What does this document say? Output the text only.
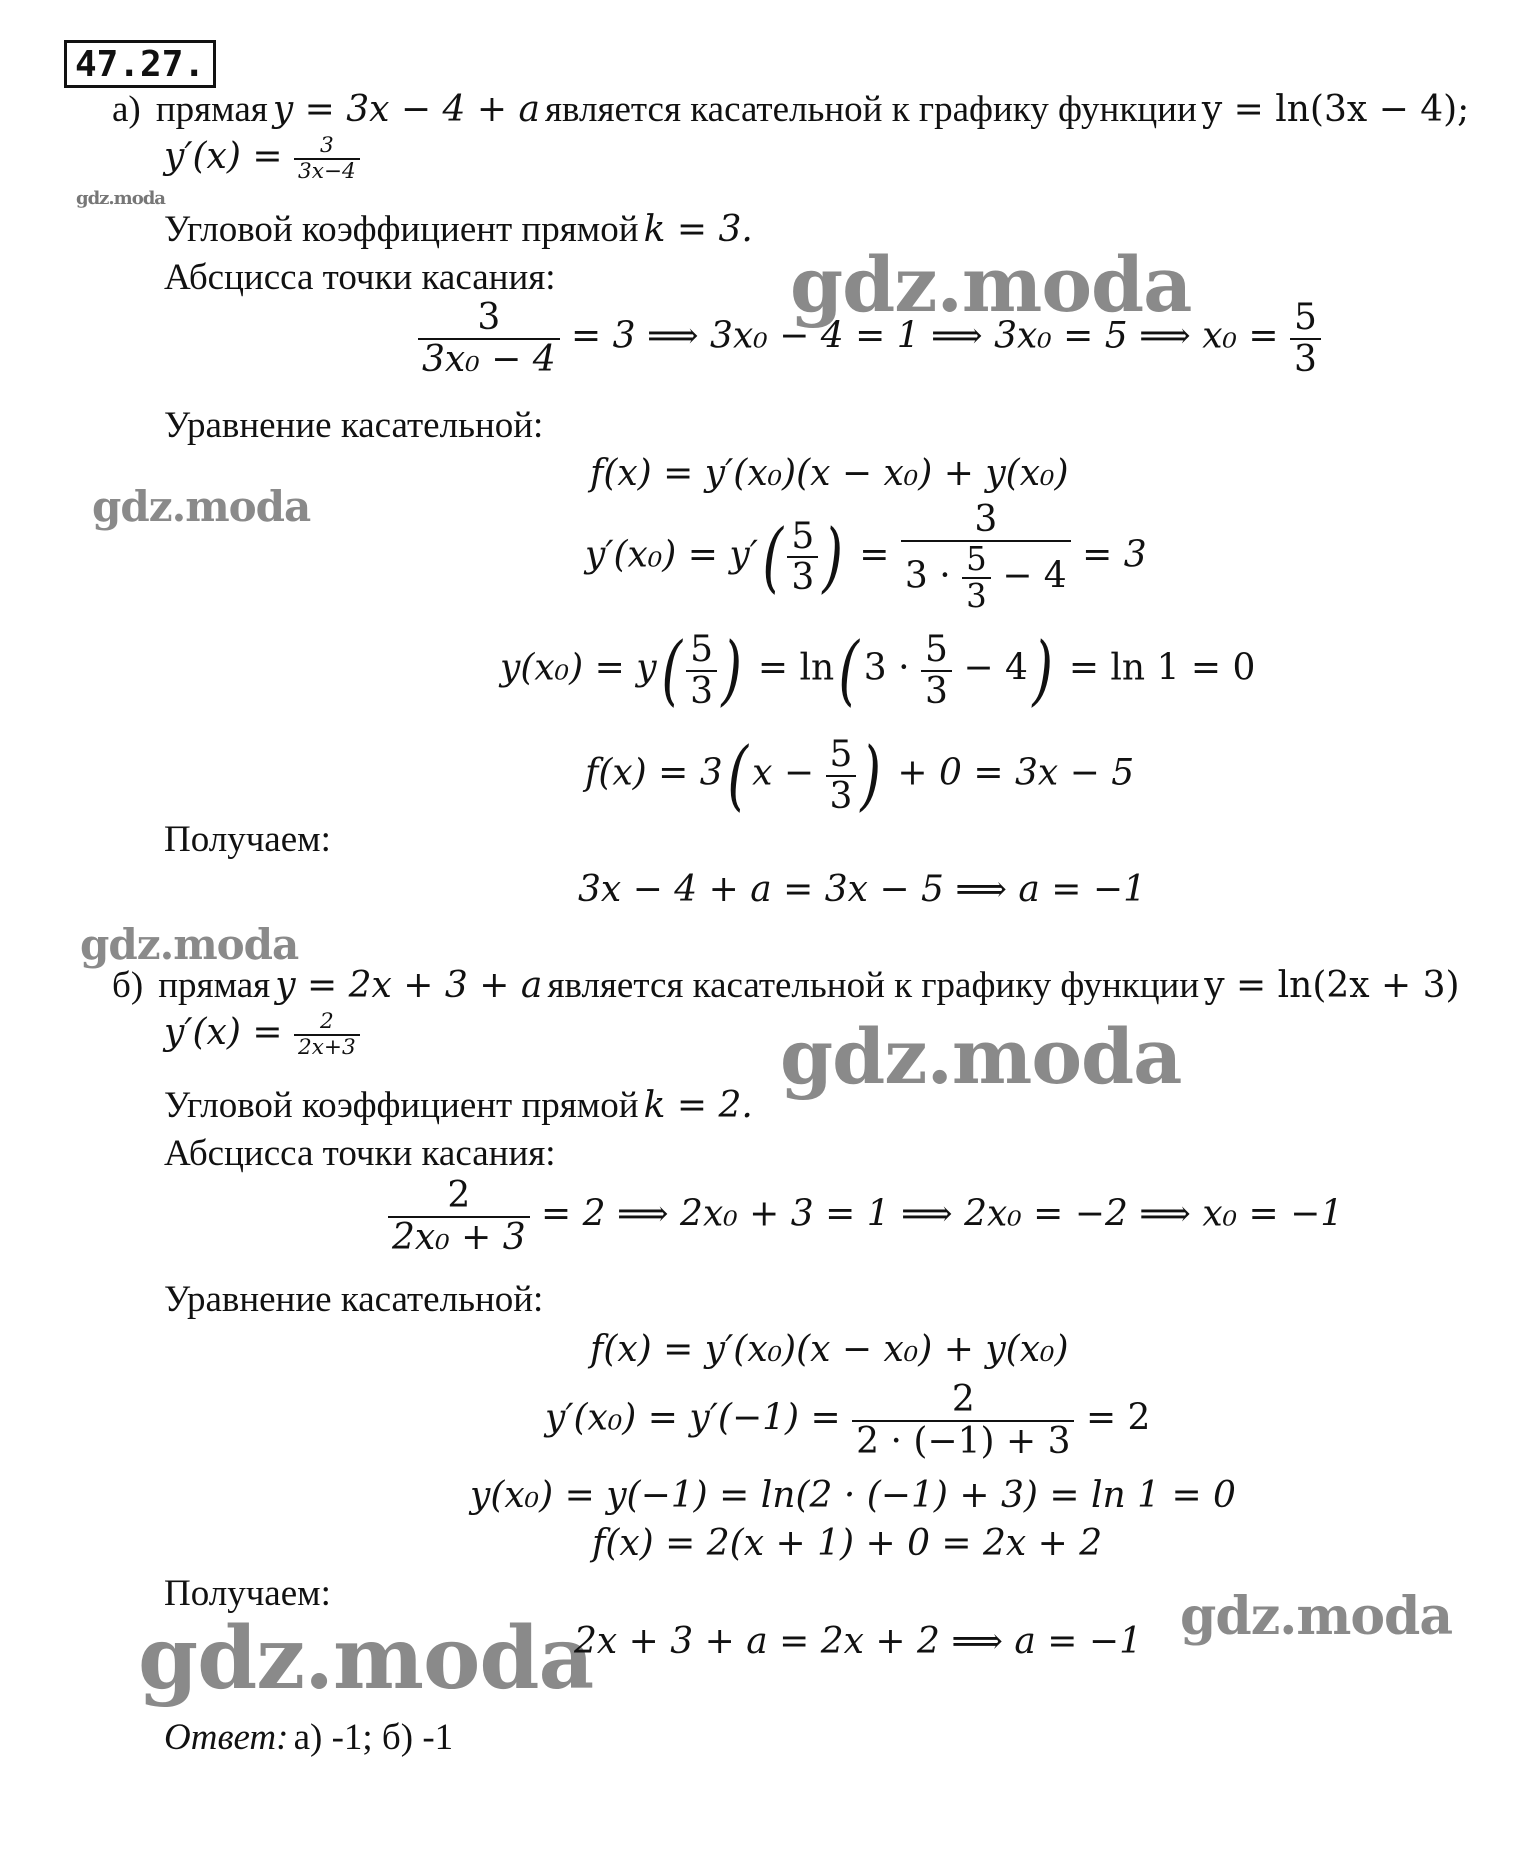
47.27.
gdz.moda
gdz.moda
gdz.moda
gdz.moda
gdz.moda
gdz.moda
gdz.moda
а) прямая y = 3x − 4 + a является касательной к графику функции y = ln(3x − 4);
$y'(x) = \frac{3}{3x-4}$
Угловой коэффициент прямой k = 3.
Абсцисса точки касания:
$\frac{3}{\text{3x₀ − 4}} = 3$ ⟹ 3x₀ − 4 = 1 ⟹ 3x₀ = 5 ⟹ $x_0 = \frac{5}{3}$
Уравнение касательной:
f(x) = y′(x₀)(x − x₀) + y(x₀)
$y'(x_0) = y'( \frac{5}{3}$ ) = $\frac{3}{3 \cdot \frac{5}{3} - 4} = 3$
$y(x_0) = y( \frac{5}{3}$ ) = ln( $3 \cdot \frac{5}{3} - 4) = \ln 1 = 0$
f(x) = 3( $x - \frac{5}{3}$ ) + 0 = 3x − 5
Получаем:
3x − 4 + a = 3x − 5 ⟹ a = −1
б) прямая y = 2x + 3 + a является касательной к графику функции y = ln(2x + 3)
$y'(x) = \frac{2}{2x+3}$
Угловой коэффициент прямой k = 2.
Абсцисса точки касания:
$\frac{2}{\text{2x₀ + 3}} = 2$ ⟹ 2x₀ + 3 = 1 ⟹ 2x₀ = −2 ⟹ x₀ = −1
Уравнение касательной:
f(x) = y′(x₀)(x − x₀) + y(x₀)
$y'(x_0) = y'(-1) = \frac{2}{2 \cdot (-1) + 3} = 2$
y(x₀) = y(−1) = ln(2 · (−1) + 3) = ln 1 = 0
f(x) = 2(x + 1) + 0 = 2x + 2
Получаем:
2x + 3 + a = 2x + 2 ⟹ a = −1
Ответ: а) -1; б) -1
